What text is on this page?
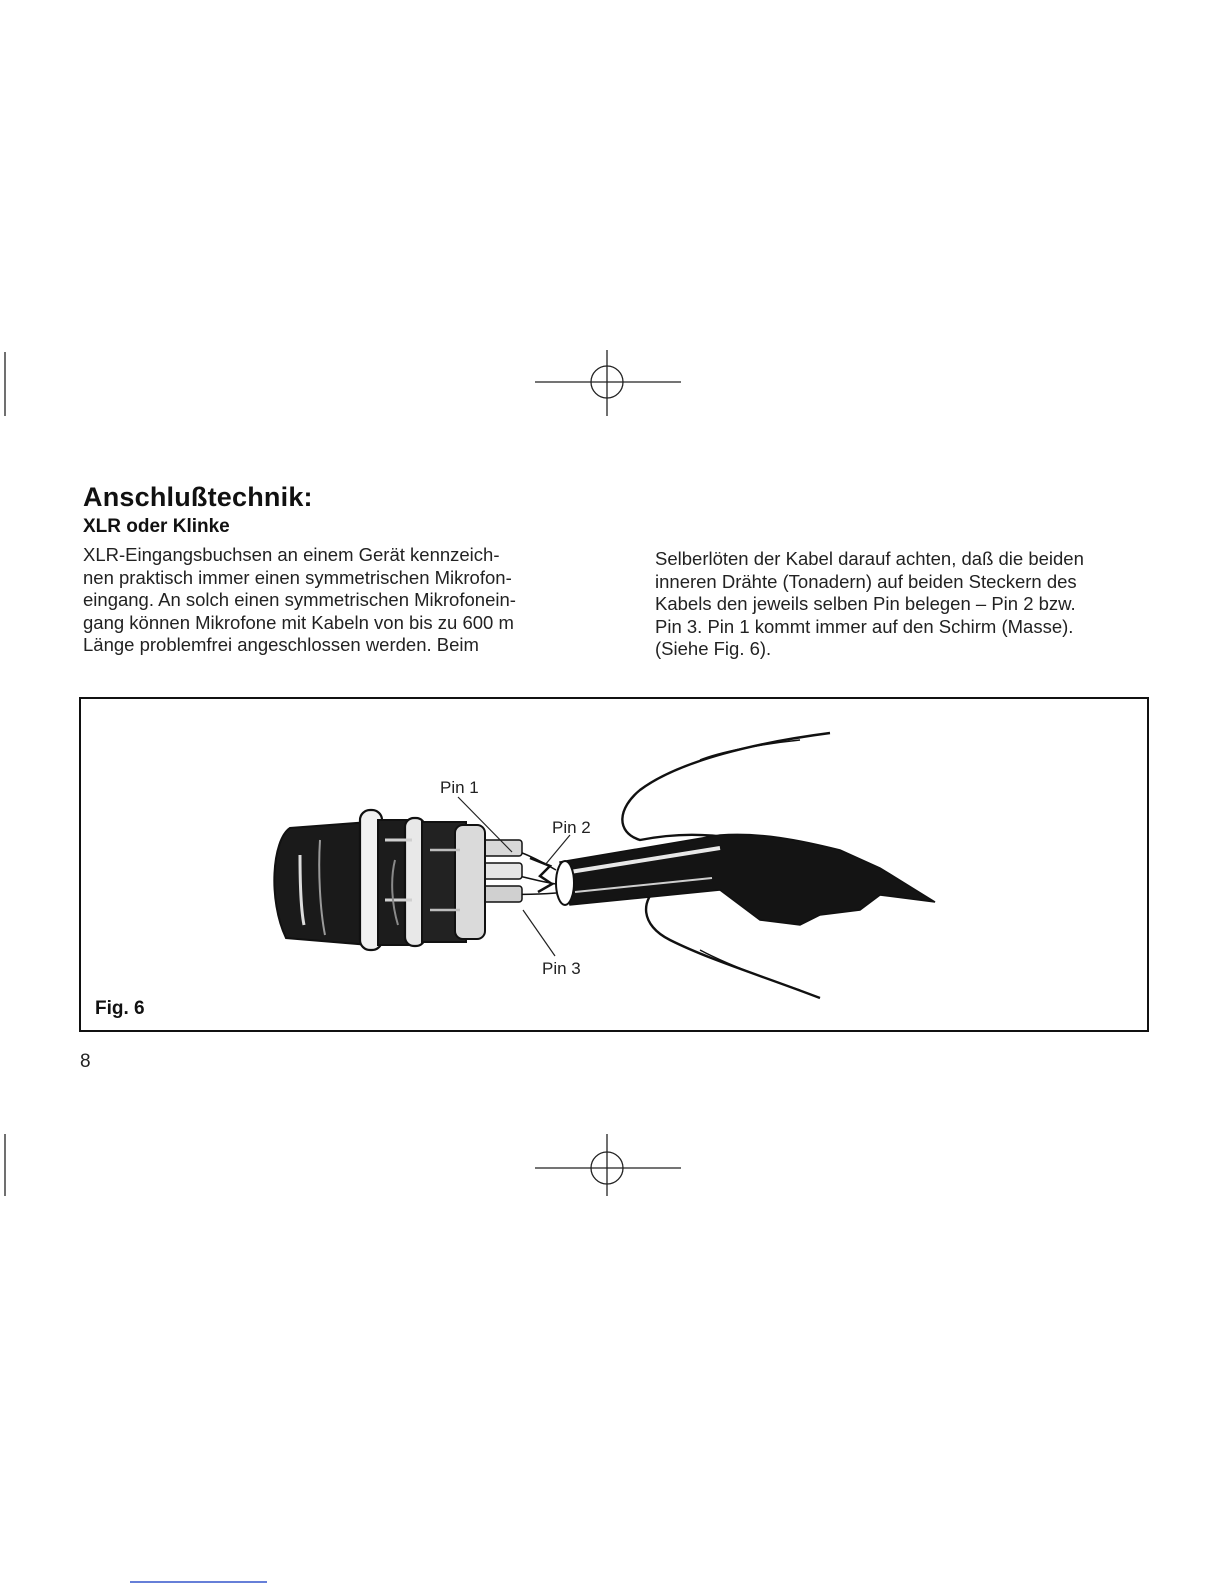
Anschlußtechnik:
XLR oder Klinke
XLR-Eingangsbuchsen an einem Gerät kennzeich-
nen praktisch immer einen symmetrischen Mikrofon-
eingang. An solch einen symmetrischen Mikrofonein-
gang können Mikrofone mit Kabeln von bis zu 600 m
Länge problemfrei angeschlossen werden. Beim
Selberlöten der Kabel darauf achten, daß die beiden
inneren Drähte (Tonadern) auf beiden Steckern des
Kabels den jeweils selben Pin belegen – Pin 2 bzw.
Pin 3. Pin 1 kommt immer auf den Schirm (Masse).
(Siehe Fig. 6).
Pin 1
Pin 2
Pin 3
Fig. 6
8
